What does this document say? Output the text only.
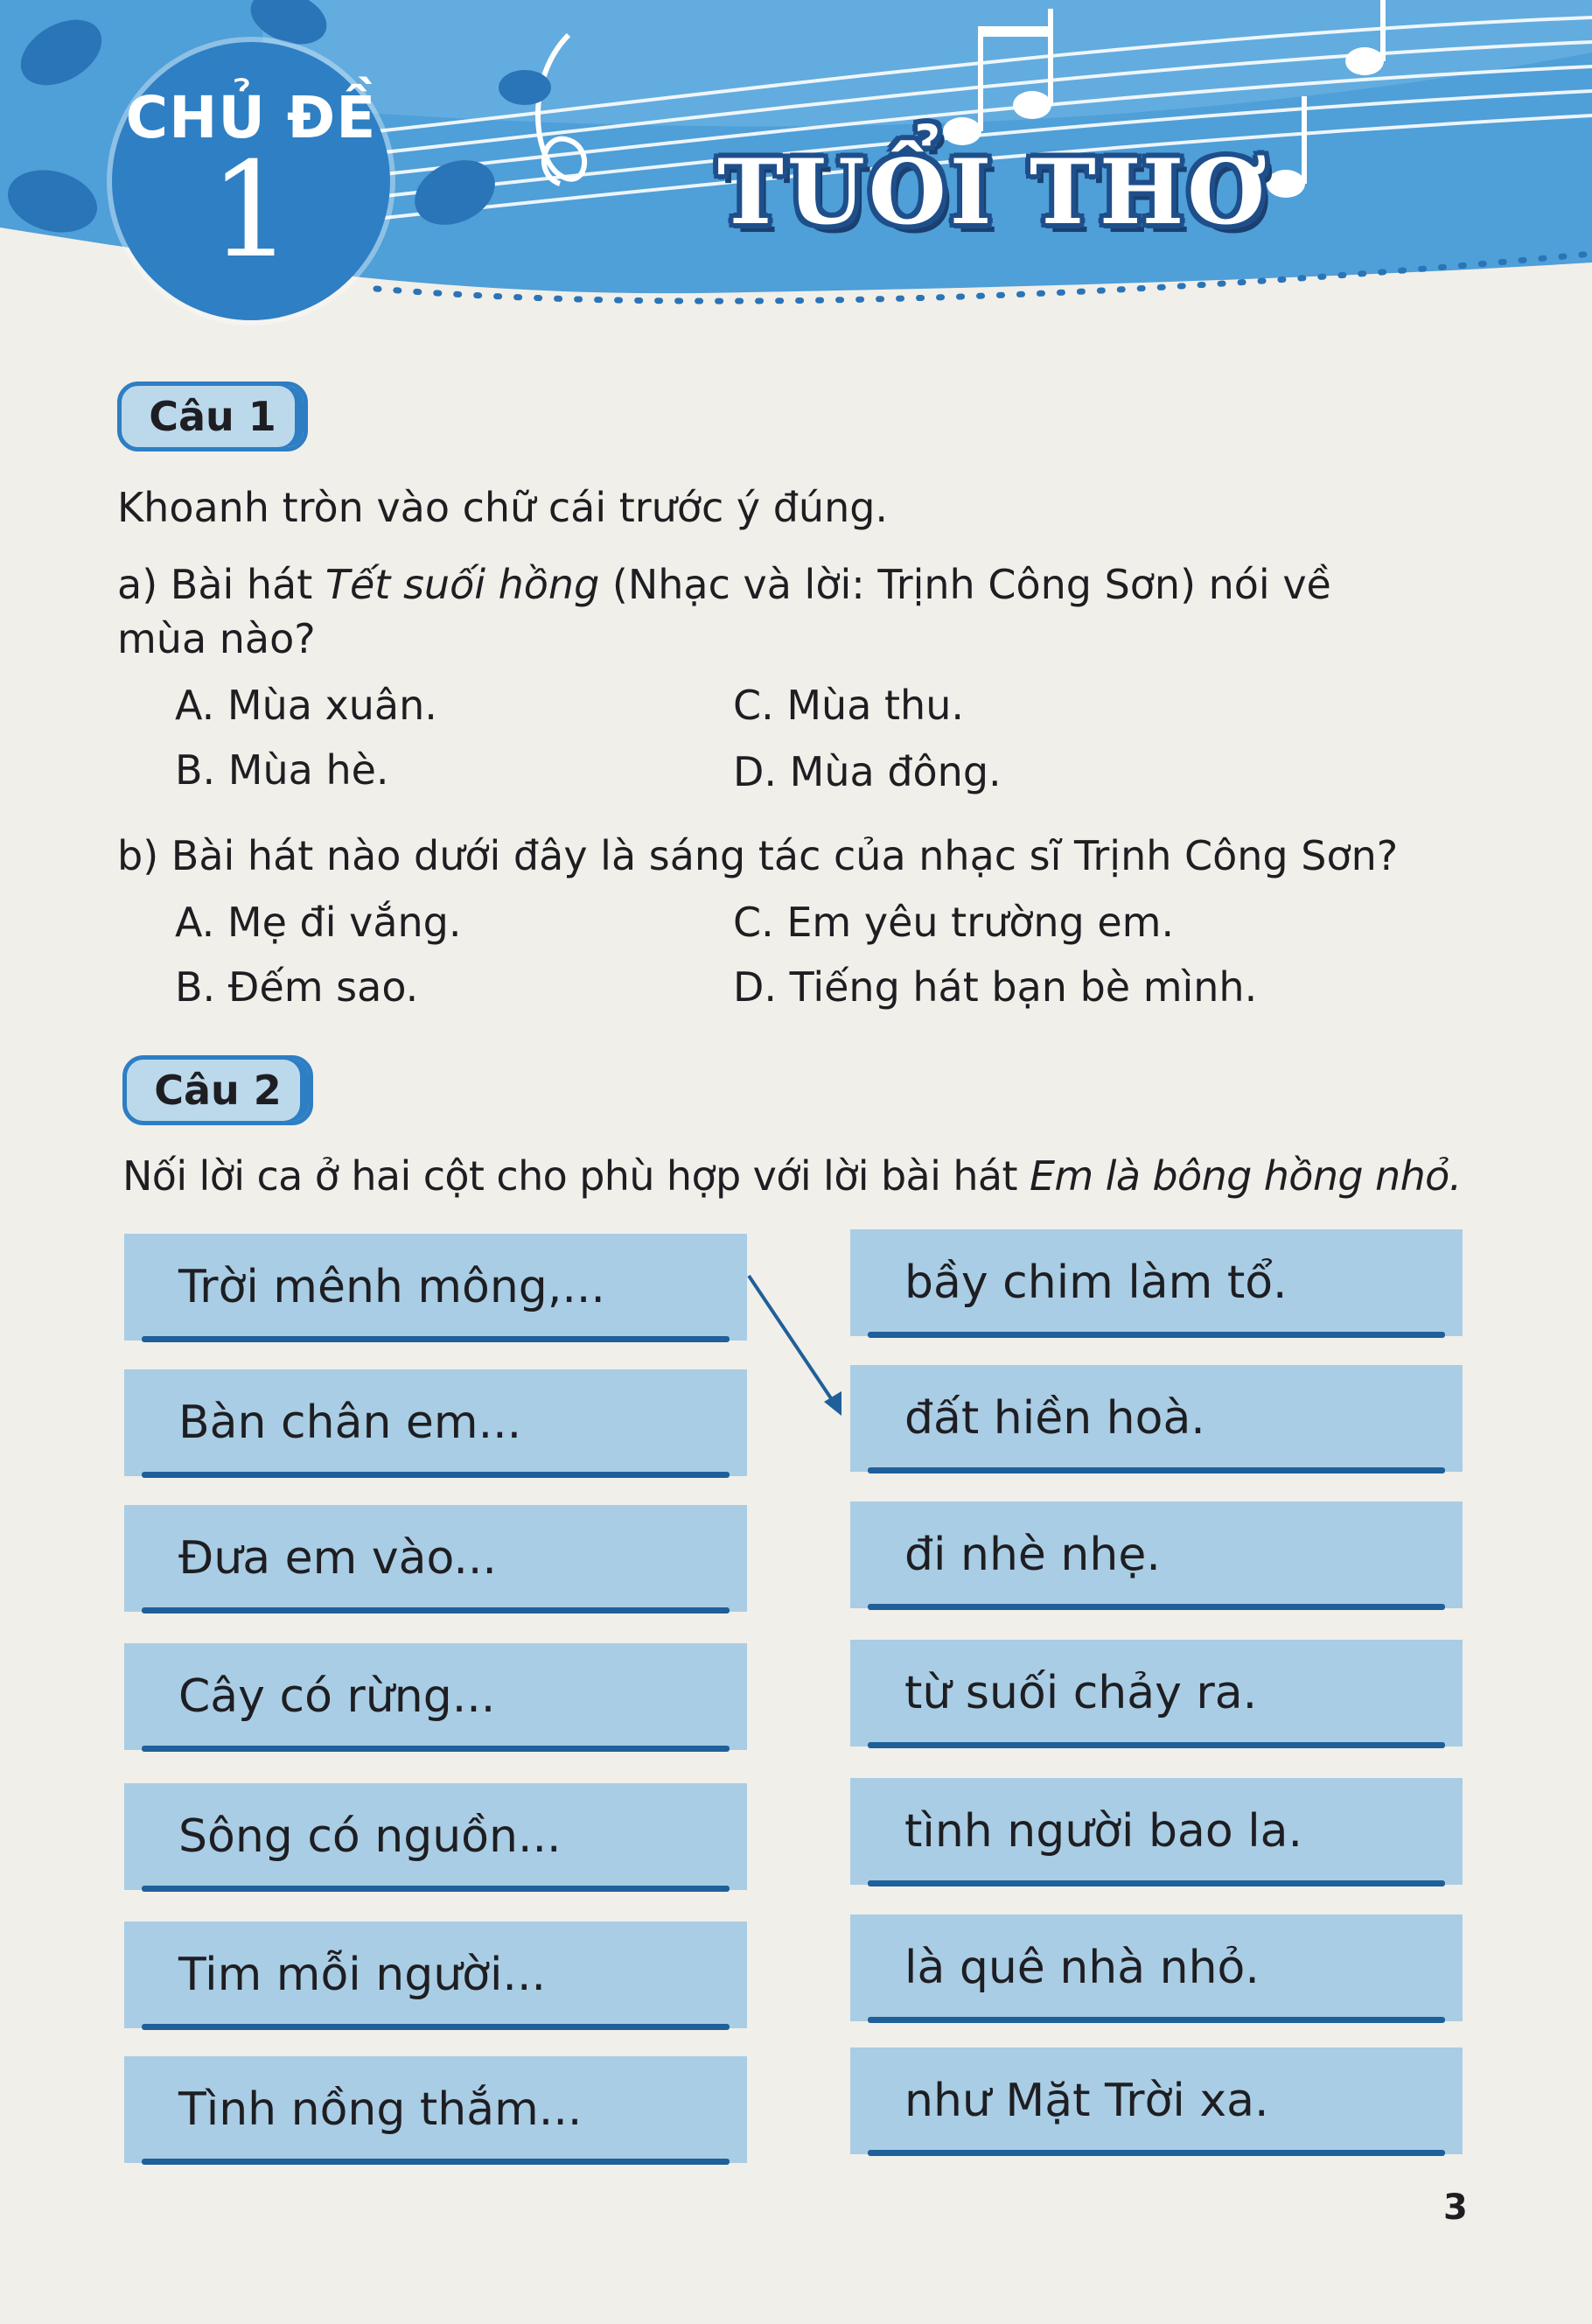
CHỦ ĐỀ
1	TUỔI THƠ
Câu 1
Khoanh tròn vào chữ cái trước ý đúng.
a) Bài hát Tết suối hồng (Nhạc và lời: Trịnh Công Sơn) nói về
mùa nào?
A. Mùa xuân.	C. Mùa thu.
B. Mùa hè.	D. Mùa đông.
b) Bài hát nào dưới đây là sáng tác của nhạc sĩ Trịnh Công Sơn?
A. Mẹ đi vắng.	C. Em yêu trường em.
B. Đếm sao.	D. Tiếng hát bạn bè mình.
Câu 2
Nối lời ca ở hai cột cho phù hợp với lời bài hát Em là bông hồng nhỏ.
Trời mênh mông,...
Bàn chân em...
Đưa em vào...
Cây có rừng...
Sông có nguồn...
Tim mỗi người...
Tình nồng thắm...
bầy chim làm tổ.
đất hiền hoà.
đi nhè nhẹ.
từ suối chảy ra.
tình người bao la.
là quê nhà nhỏ.
như Mặt Trời xa.
3
